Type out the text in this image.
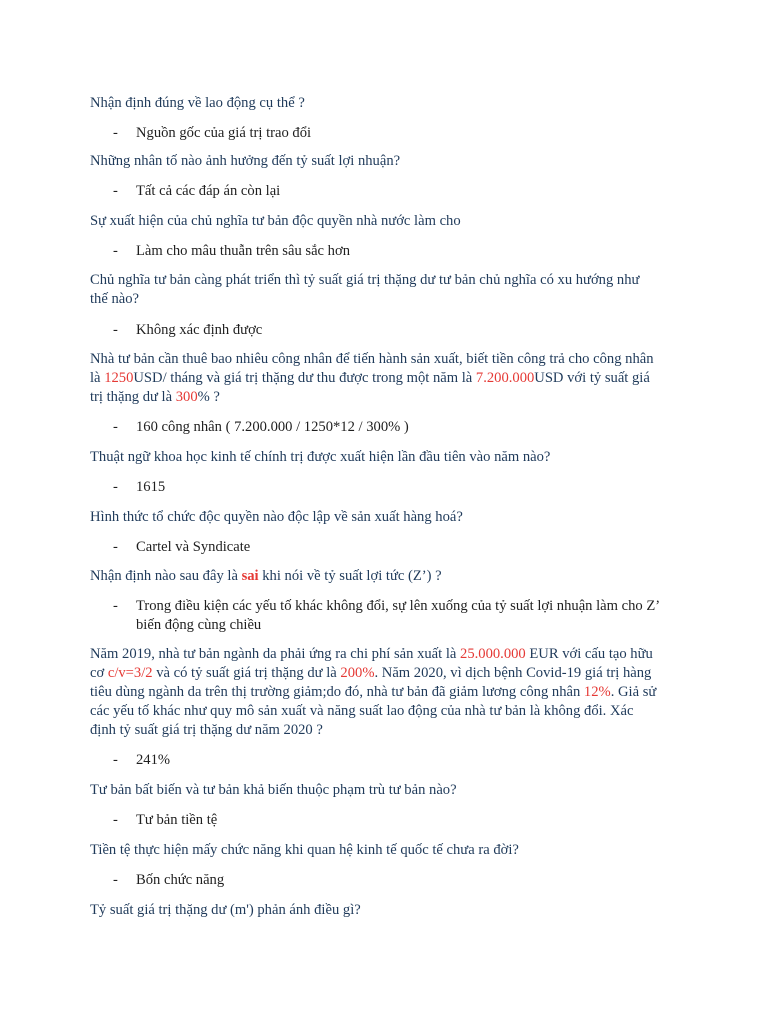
Nhận định đúng về lao động cụ thể ?
- Nguồn gốc của giá trị trao đổi
Những nhân tố nào ảnh hưởng đến tỷ suất lợi nhuận?
- Tất cả các đáp án còn lại
Sự xuất hiện của chủ nghĩa tư bản độc quyền nhà nước làm cho
- Làm cho mâu thuẫn trên sâu sắc hơn
Chủ nghĩa tư bản càng phát triển thì tỷ suất giá trị thặng dư tư bản chủ nghĩa có xu hướng như
thế nào?
- Không xác định được
Nhà tư bản cần thuê bao nhiêu công nhân để tiến hành sản xuất, biết tiền công trả cho công nhân
là 1250USD/ tháng và giá trị thặng dư thu được trong một năm là 7.200.000USD với tỷ suất giá
trị thặng dư là 300% ?
- 160 công nhân ( 7.200.000 / 1250*12 / 300% )
Thuật ngữ khoa học kinh tế chính trị được xuất hiện lần đầu tiên vào năm nào?
- 1615
Hình thức tổ chức độc quyền nào độc lập về sản xuất hàng hoá?
- Cartel và Syndicate
Nhận định nào sau đây là sai khi nói về tỷ suất lợi tức (Z’) ?
- Trong điều kiện các yếu tố khác không đổi, sự lên xuống của tỷ suất lợi nhuận làm cho Z’
biến động cùng chiều
Năm 2019, nhà tư bản ngành da phải ứng ra chi phí sản xuất là 25.000.000 EUR với cấu tạo hữu
cơ c/v=3/2 và có tỷ suất giá trị thặng dư là 200%. Năm 2020, vì dịch bệnh Covid-19 giá trị hàng
tiêu dùng ngành da trên thị trường giảm;do đó, nhà tư bản đã giảm lương công nhân 12%. Giả sử
các yếu tố khác như quy mô sản xuất và năng suất lao động của nhà tư bản là không đổi. Xác
định tỷ suất giá trị thặng dư năm 2020 ?
- 241%
Tư bản bất biến và tư bản khả biến thuộc phạm trù tư bản nào?
- Tư bản tiền tệ
Tiền tệ thực hiện mấy chức năng khi quan hệ kinh tế quốc tế chưa ra đời?
- Bốn chức năng
Tỷ suất giá trị thặng dư (m') phản ánh điều gì?
